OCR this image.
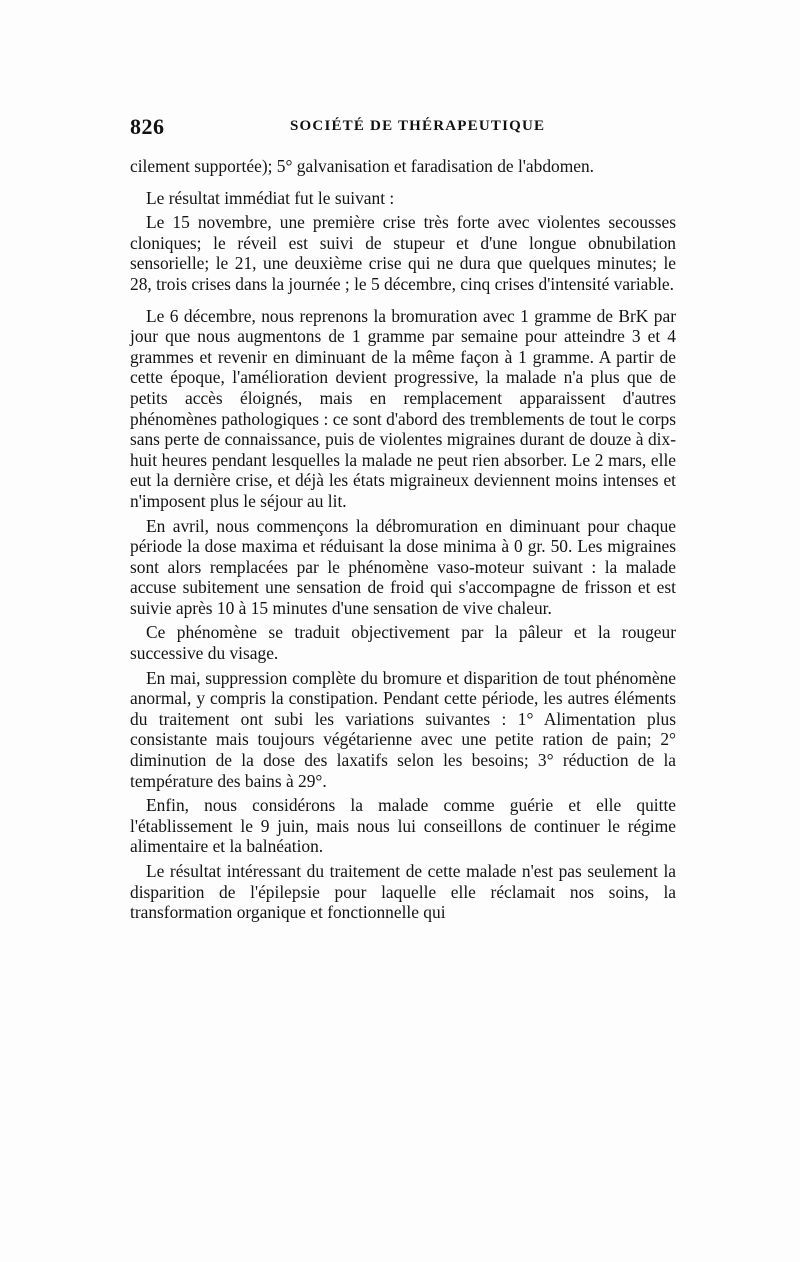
826	SOCIÉTÉ DE THÉRAPEUTIQUE

cilement supportée); 5° galvanisation et faradisation de l'abdomen.

Le résultat immédiat fut le suivant :

Le 15 novembre, une première crise très forte avec violentes secousses cloniques; le réveil est suivi de stupeur et d'une longue obnubilation sensorielle; le 21, une deuxième crise qui ne dura que quelques minutes; le 28, trois crises dans la journée ; le 5 décembre, cinq crises d'intensité variable.

Le 6 décembre, nous reprenons la bromuration avec 1 gramme de BrK par jour que nous augmentons de 1 gramme par semaine pour atteindre 3 et 4 grammes et revenir en diminuant de la même façon à 1 gramme. A partir de cette époque, l'amélioration devient progressive, la malade n'a plus que de petits accès éloignés, mais en remplacement apparaissent d'autres phénomènes pathologiques : ce sont d'abord des tremblements de tout le corps sans perte de connaissance, puis de violentes migraines durant de douze à dix-huit heures pendant lesquelles la malade ne peut rien absorber. Le 2 mars, elle eut la dernière crise, et déjà les états migraineux deviennent moins intenses et n'imposent plus le séjour au lit.

En avril, nous commençons la débromuration en diminuant pour chaque période la dose maxima et réduisant la dose minima à 0 gr. 50. Les migraines sont alors remplacées par le phénomène vaso-moteur suivant : la malade accuse subitement une sensation de froid qui s'accompagne de frisson et est suivie après 10 à 15 minutes d'une sensation de vive chaleur.

Ce phénomène se traduit objectivement par la pâleur et la rougeur successive du visage.

En mai, suppression complète du bromure et disparition de tout phénomène anormal, y compris la constipation. Pendant cette période, les autres éléments du traitement ont subi les variations suivantes : 1° Alimentation plus consistante mais toujours végétarienne avec une petite ration de pain; 2° diminution de la dose des laxatifs selon les besoins; 3° réduction de la température des bains à 29°.

Enfin, nous considérons la malade comme guérie et elle quitte l'établissement le 9 juin, mais nous lui conseillons de continuer le régime alimentaire et la balnéation.

Le résultat intéressant du traitement de cette malade n'est pas seulement la disparition de l'épilepsie pour laquelle elle réclamait nos soins, la transformation organique et fonctionnelle qui
